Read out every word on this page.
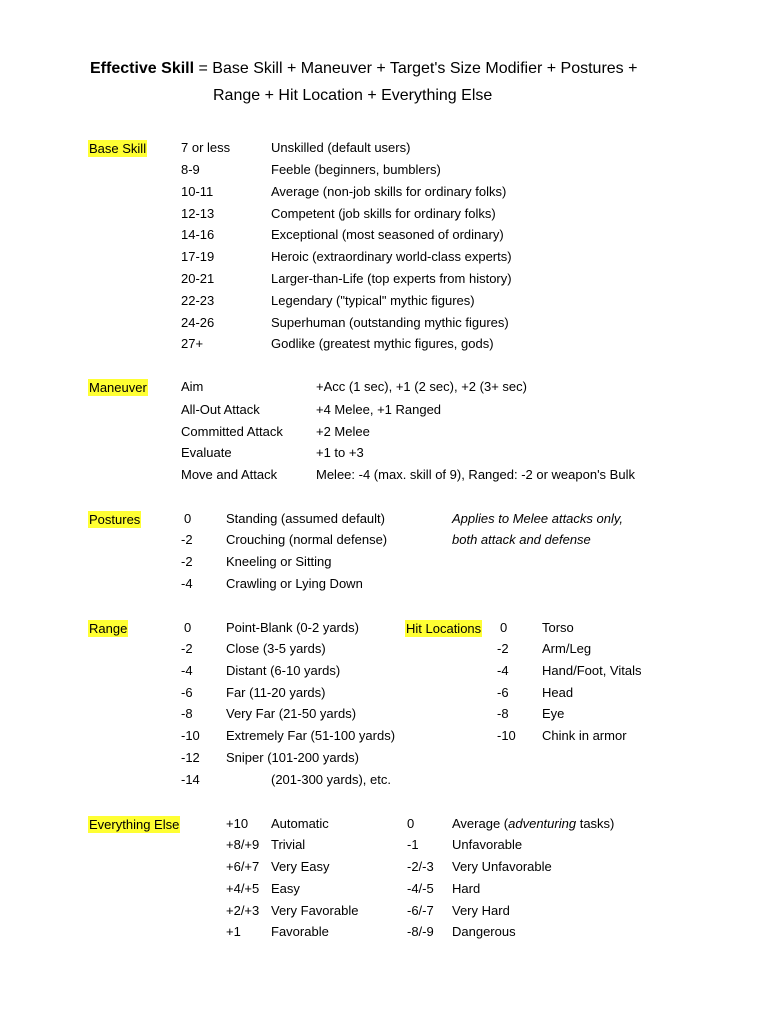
Effective Skill = Base Skill + Maneuver + Target's Size Modifier + Postures +
Range + Hit Location + Everything Else
Base Skill	7 or less	Unskilled (default users)
8-9	Feeble (beginners, bumblers)
10-11	Average (non-job skills for ordinary folks)
12-13	Competent (job skills for ordinary folks)
14-16	Exceptional (most seasoned of ordinary)
17-19	Heroic (extraordinary world-class experts)
20-21	Larger-than-Life (top experts from history)
22-23	Legendary ("typical" mythic figures)
24-26	Superhuman (outstanding mythic figures)
27+	Godlike (greatest mythic figures, gods)
Maneuver	Aim	+Acc (1 sec), +1 (2 sec), +2 (3+ sec)
All-Out Attack	+4 Melee, +1 Ranged
Committed Attack	+2 Melee
Evaluate	+1 to +3
Move and Attack	Melee: -4 (max. skill of 9), Ranged: -2 or weapon's Bulk
Postures	0	Standing (assumed default)
-2	Crouching (normal defense)
-2	Kneeling or Sitting
-4	Crawling or Lying Down
Applies to Melee attacks only,
both attack and defense
Range	0	Point-Blank (0-2 yards)
-2	Close (3-5 yards)
-4	Distant (6-10 yards)
-6	Far (11-20 yards)
-8	Very Far (21-50 yards)
-10 Extremely Far (51-100 yards)
-12 Sniper (101-200 yards)
-14	(201-300 yards), etc.
Hit Locations 0	Torso
-2	Arm/Leg
-4	Hand/Foot, Vitals
-6	Head
-8	Eye
-10 Chink in armor
Everything Else	+10 Automatic
+8/+9 Trivial
+6/+7 Very Easy
+4/+5 Easy
+2/+3 Very Favorable
+1 Favorable
0	Average (adventuring tasks)
-1	Unfavorable
-2/-3 Very Unfavorable
-4/-5 Hard
-6/-7 Very Hard
-8/-9 Dangerous
